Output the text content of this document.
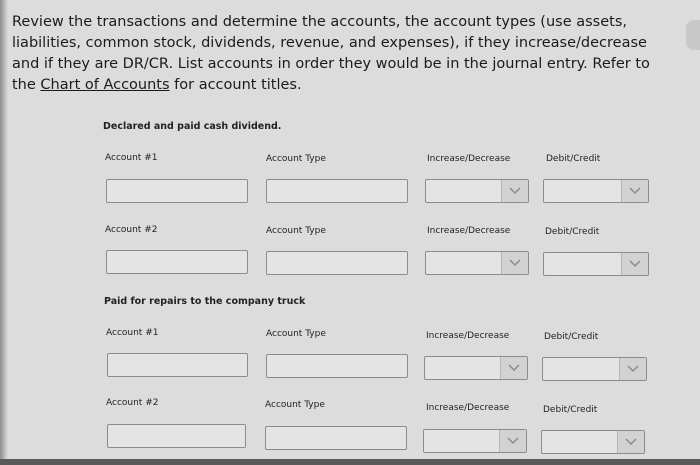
Review the transactions and determine the accounts, the account types (use assets, liabilities, common stock, dividends, revenue, and expenses), if they increase/decrease and if they are DR/CR. List accounts in order they would be in the journal entry. Refer to the Chart of Accounts for account titles.
Declared and paid cash dividend.
Account #1	Account Type	Increase/Decrease	Debit/Credit
Account #2	Account Type	Increase/Decrease	Debit/Credit
Paid for repairs to the company truck
Account #1	Account Type	Increase/Decrease	Debit/Credit
Account #2	Account Type	Increase/Decrease	Debit/Credit
